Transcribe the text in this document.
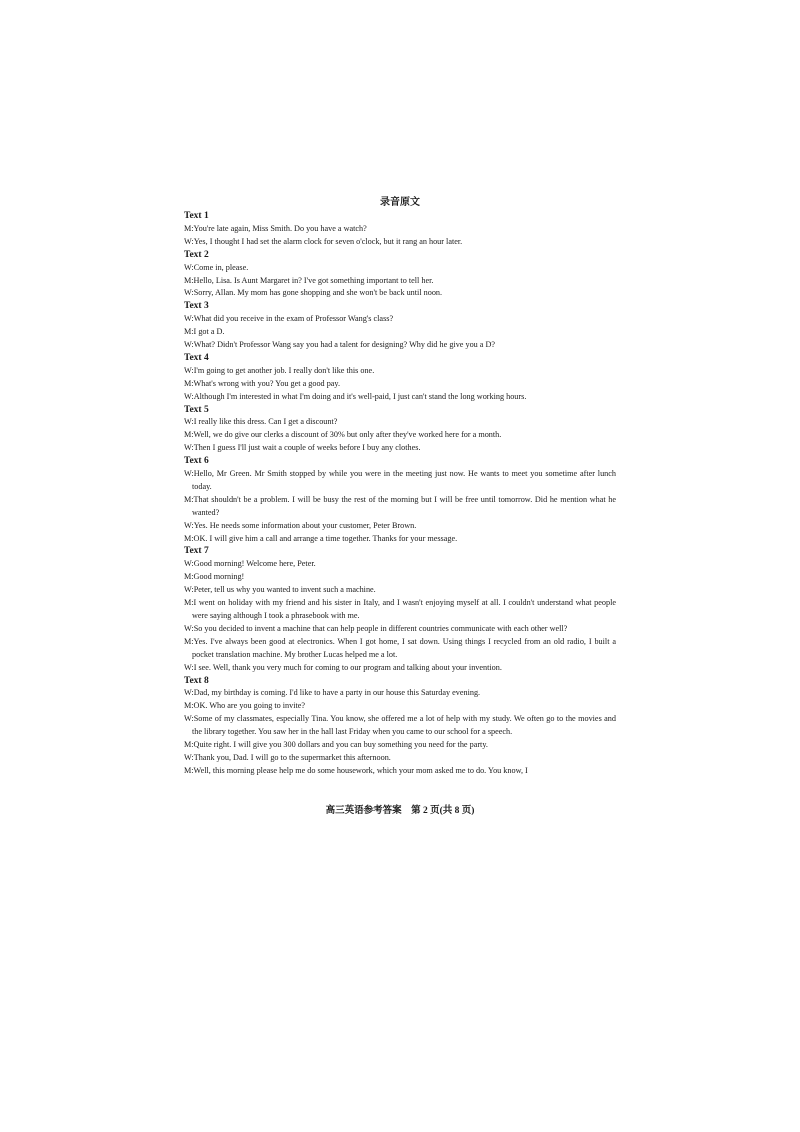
录音原文
Text 1
M:You're late again, Miss Smith. Do you have a watch?
W:Yes, I thought I had set the alarm clock for seven o'clock, but it rang an hour later.
Text 2
W:Come in, please.
M:Hello, Lisa. Is Aunt Margaret in? I've got something important to tell her.
W:Sorry, Allan. My mom has gone shopping and she won't be back until noon.
Text 3
W:What did you receive in the exam of Professor Wang's class?
M:I got a D.
W:What? Didn't Professor Wang say you had a talent for designing? Why did he give you a D?
Text 4
W:I'm going to get another job. I really don't like this one.
M:What's wrong with you? You get a good pay.
W:Although I'm interested in what I'm doing and it's well-paid, I just can't stand the long working hours.
Text 5
W:I really like this dress. Can I get a discount?
M:Well, we do give our clerks a discount of 30% but only after they've worked here for a month.
W:Then I guess I'll just wait a couple of weeks before I buy any clothes.
Text 6
W:Hello, Mr Green. Mr Smith stopped by while you were in the meeting just now. He wants to meet you sometime after lunch today.
M:That shouldn't be a problem. I will be busy the rest of the morning but I will be free until tomorrow. Did he mention what he wanted?
W:Yes. He needs some information about your customer, Peter Brown.
M:OK. I will give him a call and arrange a time together. Thanks for your message.
Text 7
W:Good morning! Welcome here, Peter.
M:Good morning!
W:Peter, tell us why you wanted to invent such a machine.
M:I went on holiday with my friend and his sister in Italy, and I wasn't enjoying myself at all. I couldn't understand what people were saying although I took a phrasebook with me.
W:So you decided to invent a machine that can help people in different countries communicate with each other well?
M:Yes. I've always been good at electronics. When I got home, I sat down. Using things I recycled from an old radio, I built a pocket translation machine. My brother Lucas helped me a lot.
W:I see. Well, thank you very much for coming to our program and talking about your invention.
Text 8
W:Dad, my birthday is coming. I'd like to have a party in our house this Saturday evening.
M:OK. Who are you going to invite?
W:Some of my classmates, especially Tina. You know, she offered me a lot of help with my study. We often go to the movies and the library together. You saw her in the hall last Friday when you came to our school for a speech.
M:Quite right. I will give you 300 dollars and you can buy something you need for the party.
W:Thank you, Dad. I will go to the supermarket this afternoon.
M:Well, this morning please help me do some housework, which your mom asked me to do. You know, I
高三英语参考答案　第 2 页(共 8 页)
